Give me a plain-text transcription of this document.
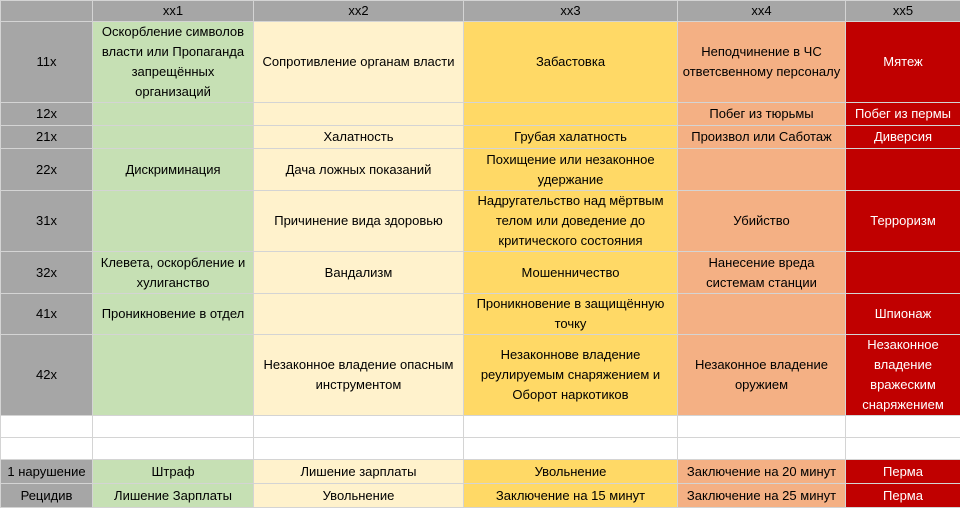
	xx1	xx2	xx3	xx4	xx5
11x	Оскорбление символов власти или Пропаганда запрещённых организаций	Сопротивление органам власти	Забастовка	Неподчинение в ЧС ответсвенному персоналу	Мятеж
12x				Побег из тюрьмы	Побег из пермы
21x		Халатность	Грубая халатность	Произвол или Саботаж	Диверсия
22x	Дискриминация	Дача ложных показаний	Похищение или незаконное удержание		
31x		Причинение вида здоровью	Надругательство над мёртвым телом или доведение до критического состояния	Убийство	Терроризм
32x	Клевета, оскорбление и хулиганство	Вандализм	Мошенничество	Нанесение вреда системам станции	
41x	Проникновение в отдел		Проникновение в защищённую точку		Шпионаж
42x		Незаконное владение опасным инструментом	Незаконнове владение реулируемым снаряжением и Оборот наркотиков	Незаконное владение оружием	Незаконное владение вражеским снаряжением

1 нарушение	Штраф	Лишение зарплаты	Увольнение	Заключение на 20 минут	Перма
Рецидив	Лишение Зарплаты	Увольнение	Заключение на 15 минут	Заключение на 25 минут	Перма
